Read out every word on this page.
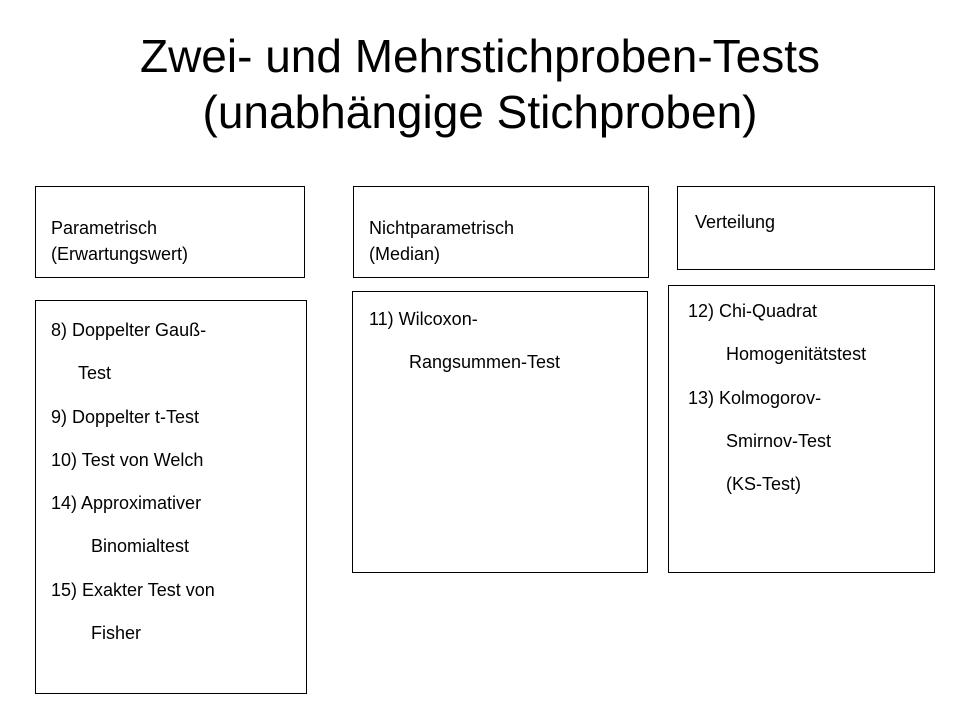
Zwei- und Mehrstichproben-Tests
(unabhängige Stichproben)
Parametrisch
(Erwartungswert)
8) Doppelter Gauß-
Test
9) Doppelter t-Test
10) Test von Welch
14) Approximativer
Binomialtest
15) Exakter Test von
Fisher
Nichtparametrisch
(Median)
11) Wilcoxon-
Rangsummen-Test
Verteilung
12) Chi-Quadrat
Homogenitätstest
13) Kolmogorov-
Smirnov-Test
(KS-Test)
